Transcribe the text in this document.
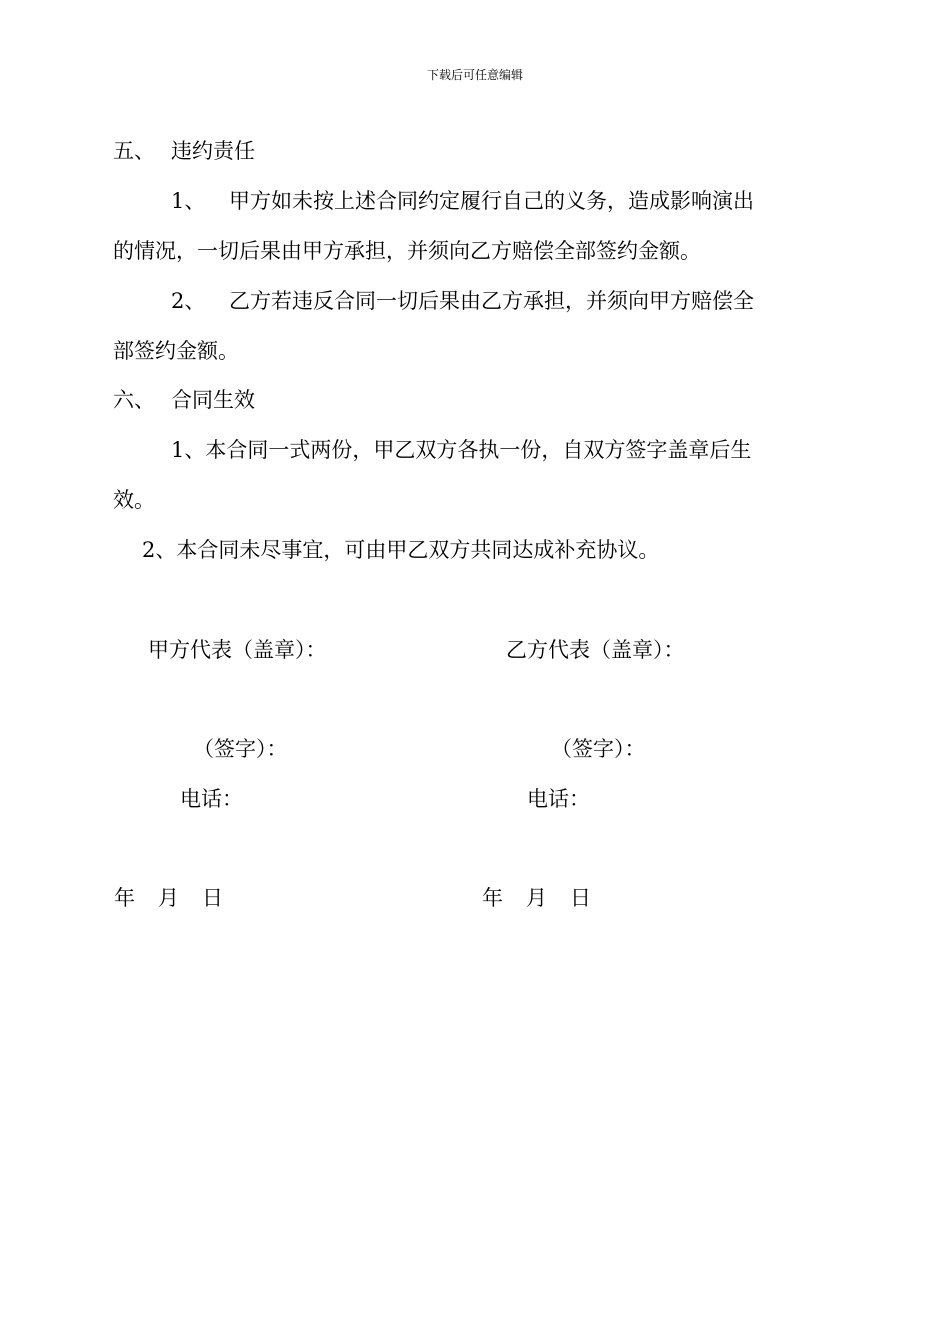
下载后可任意编辑
五、 违约责任
1、 甲方如未按上述合同约定履行自己的义务，造成影响演出
的情况，一切后果由甲方承担，并须向乙方赔偿全部签约金额。
2、 乙方若违反合同一切后果由乙方承担，并须向甲方赔偿全
部签约金额。
六、 合同生效
1、本合同一式两份，甲乙双方各执一份，自双方签字盖章后生
效。
2、本合同未尽事宜，可由甲乙双方共同达成补充协议。
甲方代表（盖章）：	乙方代表（盖章）：
（签字）：	（签字）：
电话：	电话：
年 月 日	年 月 日
